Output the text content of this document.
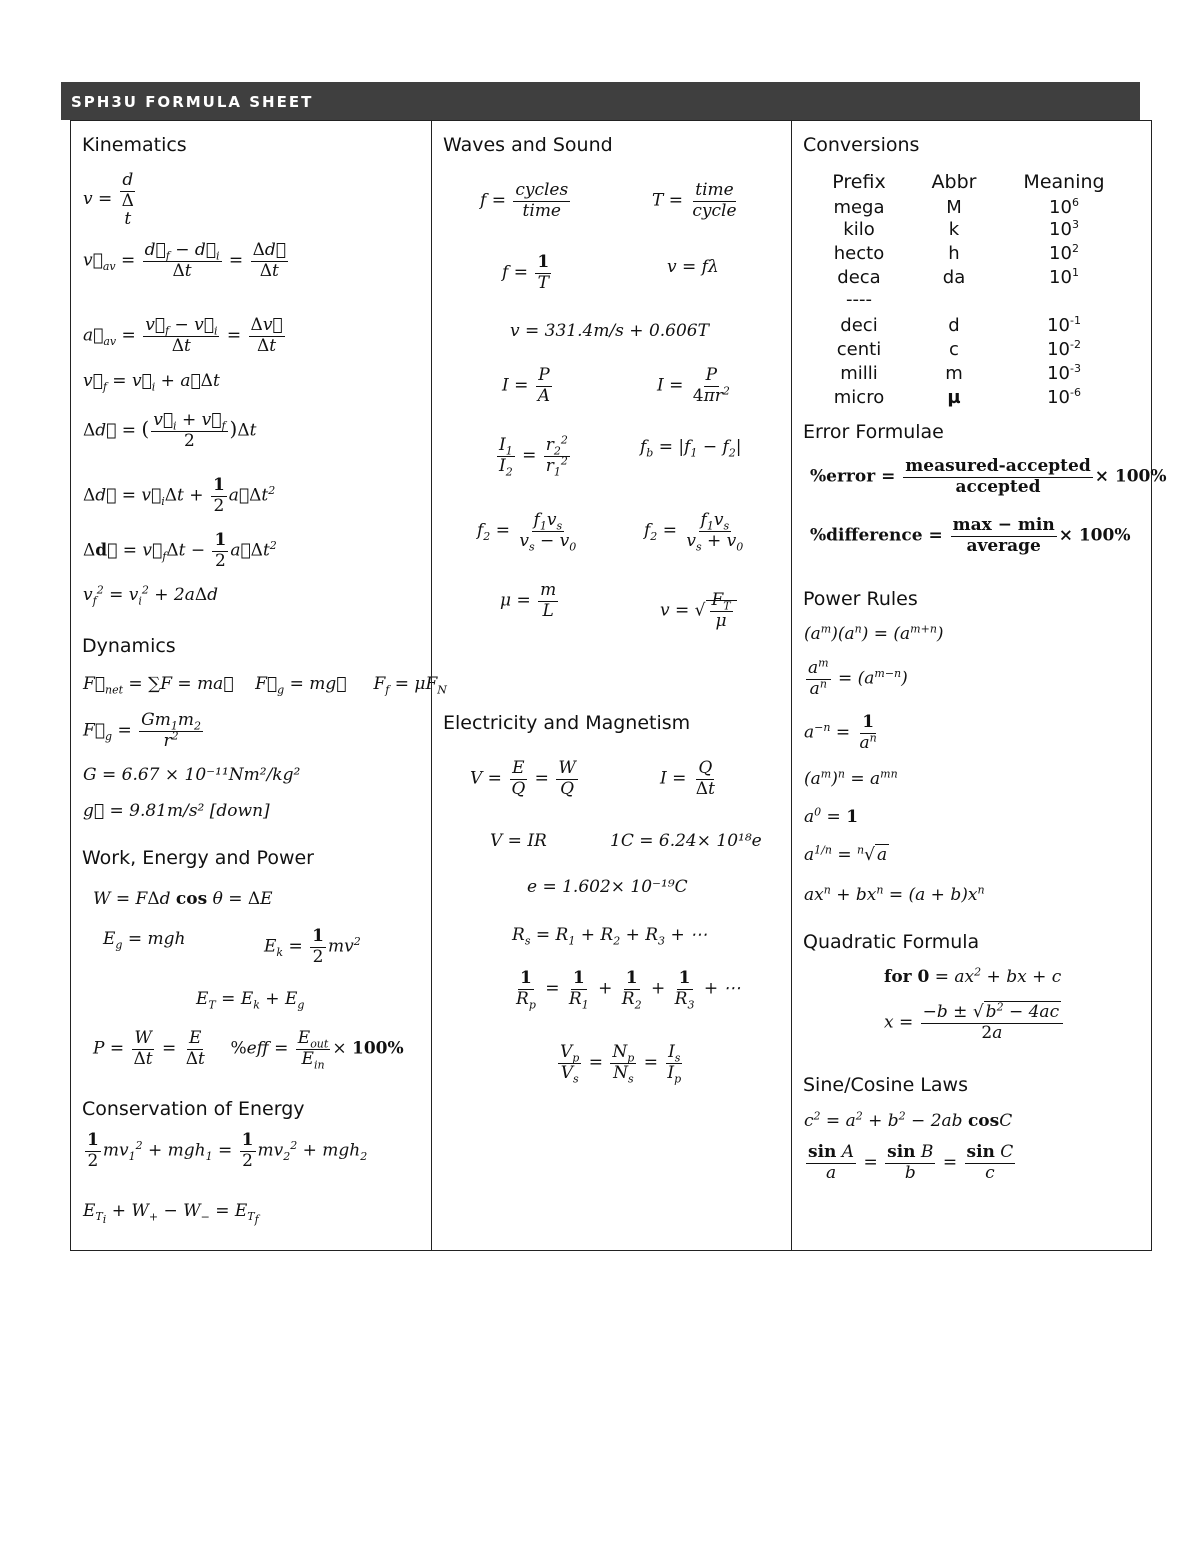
SPH3U FORMULA SHEET
Kinematics
v =
d
Δ
t
$v⃗_{av} = \frac{d⃗_f - d⃗_i}{\Delta t} = \frac{\Delta d⃗}{\Delta t}$
$a⃗_{av} = \frac{v⃗_f - v⃗_i}{\Delta t} = \frac{\Delta v⃗}{\Delta t}$
$v⃗_f$ = $v⃗_i$ + a⃗Δt
Δd⃗ = ( $\frac{v⃗_i + v⃗_f}{2} )\Delta t$
Δd⃗ = $v⃗_i\Delta t + \frac{1}{2}$ $a⃗\Delta t^2$
Δd⃗ = $v⃗_f\Delta t - \frac{1}{2}$ $a⃗\Delta t^2$
$v_f^2 = v_i^2 + 2a\Delta d$
Dynamics
$F⃗_{net} = \sum F$ = ma⃗    $F⃗_g$ = mg⃗     $F_f = \mu F_N$
$F⃗_g = \frac{Gm_1m_2}{r^2}$
G = 6.67 × 10⁻¹¹Nm²/kg²
g⃗ = 9.81m/s² [down]
Work, Energy and Power
W = FΔd cos θ = ΔE
$E_g$ = mgh	$E_k = \frac{1}{2} mv^2$
$E_T = E_k + E_g$
$P = \frac{W}{\Delta t} = \frac{E}{\Delta t} \%eff$ =
$E_{out}$
$E_{in}$
× 100%
Conservation of Energy
$\frac{1}{2} mv_1^2 + mgh_1 = \frac{1}{2} mv_2^2 + mgh_2$
$E_{T_i} + W_+ - W_- = E_{T_f}$
Waves and Sound
f =
cycles
time	T =
time
cycle
$f = \frac{1}{T}$	v = fλ
v = 331.4m/s + 0.606T
$I = \frac{P}{A}$	$I = \frac{P}{4\pi r^2}$
$\frac{I_1}{I_2} = \frac{r_2^2}{r_1^2}$	$f_b = |f_1 - f_2|$
$f_2 = \frac{f_1v_s}{v_s - v_0}$	$f_2 = \frac{f_1v_s}{v_s + v_0}$
$\mu = \frac{m}{L}$	v = √ $\frac{F_T}{\mu}$
Electricity and Magnetism
$V = \frac{E}{Q} = \frac{W}{Q}$	$I = \frac{Q}{\Delta t}$
V = IR	1C = 6.24× 10¹⁸e
e = 1.602× 10⁻¹⁹C
$R_s = R_1 + R_2 + R_3$ + ⋯
$\frac{1}{R_p} = \frac{1}{R_1} + \frac{1}{R_2} + \frac{1}{R_3}$ + ⋯
$\frac{V_p}{V_s} = \frac{N_p}{N_s} = \frac{I_s}{I_p}$
Conversions
Prefix	Abbr	Meaning
mega	M	$10^6$
kilo	k	$10^3$
hecto	h	$10^2$
deca	da	$10^1$
----
deci	d	$10^{-1}$
centi	c	$10^{-2}$
milli	m	$10^{-3}$
micro	µ	$10^{-6}$
Error Formulae
%error =
measured-accepted
accepted	× 100%
%difference =
max − min
average × 100%
Power Rules
$(a^m)(a^n) = (a^{m+n})$
$\frac{a^m}{a^n} = (a^{m-n})$
$a^{-n} = \frac{1}{a^n}$
$(a^m)^n = a^{mn}$
$a^0 = 1$
$a^{1/n} = ^n√$ a
$ax^n + bx^n = (a + b)x^n$
Quadratic Formula
for $0 = ax^2$ + bx + c
$x = \frac{-b \pm √ b^2 - 4ac}{2a}$
Sine/Cosine Laws
$c^2 = a^2 + b^2 - 2ab$ cosC
$\frac{\text{sin A}}{a} = \frac{\text{sin B}}{b} = \frac{\text{sin C}}{c}$
